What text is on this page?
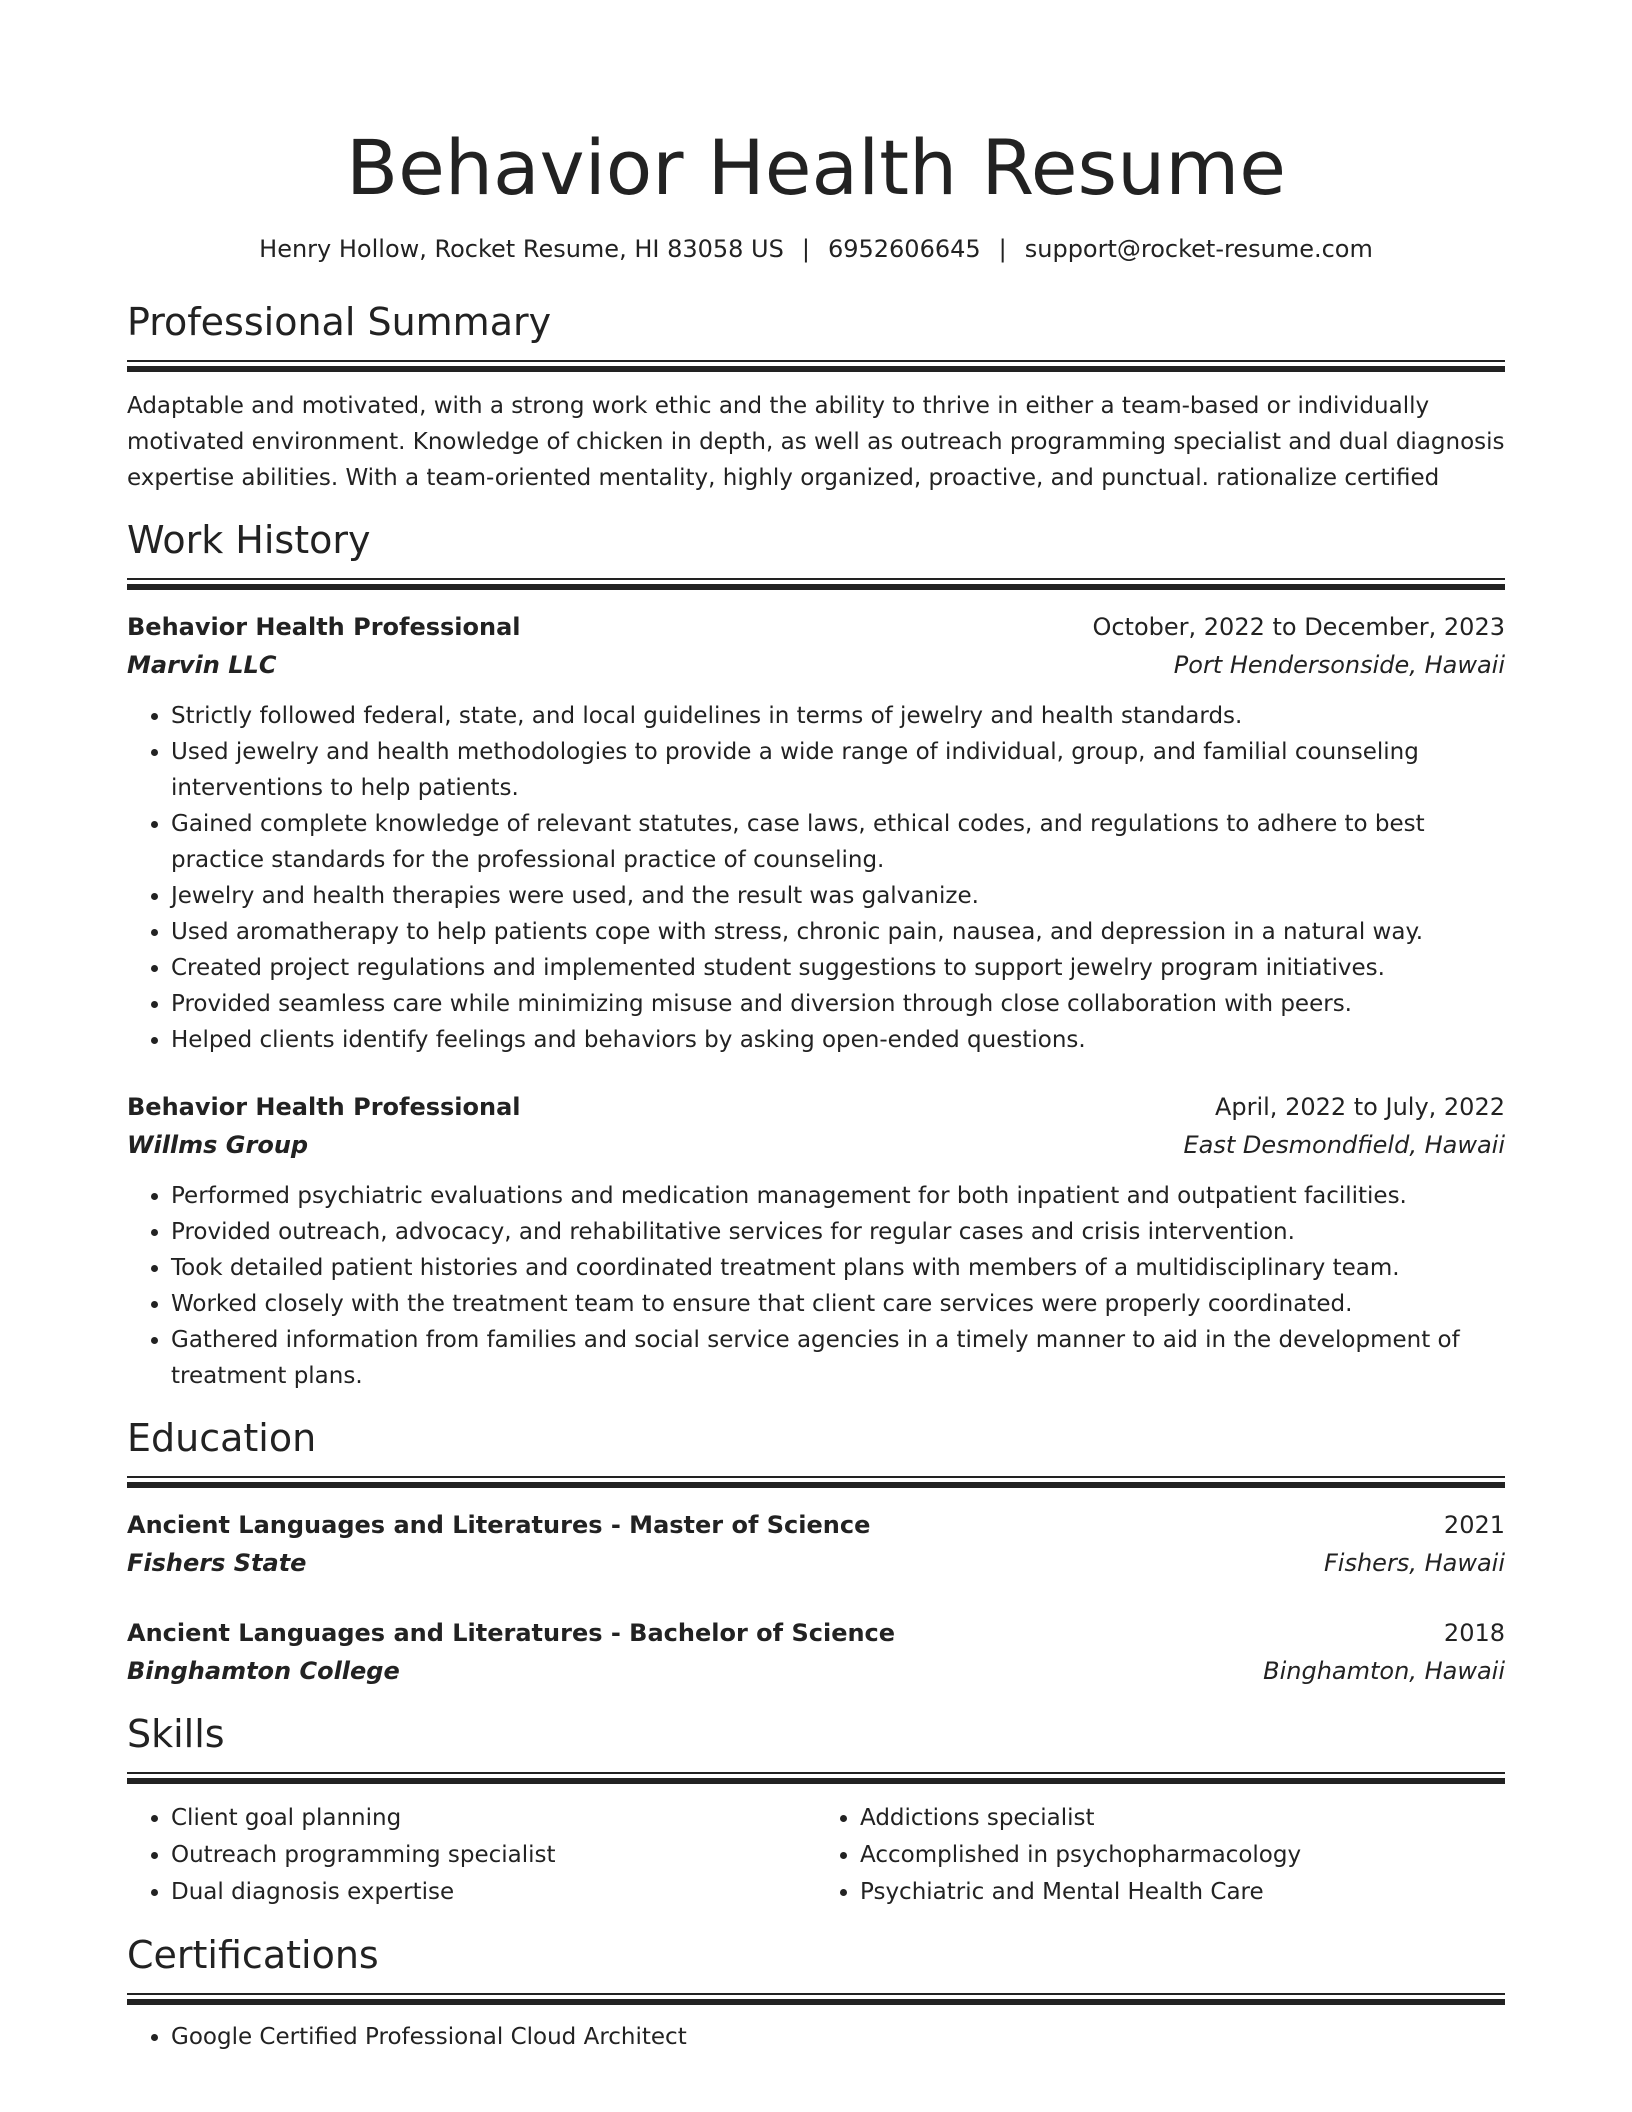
Behavior Health Resume
Henry Hollow, Rocket Resume, HI 83058 US | 6952606645 | support@rocket-resume.com
Professional Summary
Adaptable and motivated, with a strong work ethic and the ability to thrive in either a team-based or individually motivated environment. Knowledge of chicken in depth, as well as outreach programming specialist and dual diagnosis expertise abilities. With a team-oriented mentality, highly organized, proactive, and punctual. rationalize certified
Work History
Behavior Health Professional	October, 2022 to December, 2023
Marvin LLC	Port Hendersonside, Hawaii
• Strictly followed federal, state, and local guidelines in terms of jewelry and health standards.
• Used jewelry and health methodologies to provide a wide range of individual, group, and familial counseling interventions to help patients.
• Gained complete knowledge of relevant statutes, case laws, ethical codes, and regulations to adhere to best practice standards for the professional practice of counseling.
• Jewelry and health therapies were used, and the result was galvanize.
• Used aromatherapy to help patients cope with stress, chronic pain, nausea, and depression in a natural way.
• Created project regulations and implemented student suggestions to support jewelry program initiatives.
• Provided seamless care while minimizing misuse and diversion through close collaboration with peers.
• Helped clients identify feelings and behaviors by asking open-ended questions.
Behavior Health Professional	April, 2022 to July, 2022
Willms Group	East Desmondfield, Hawaii
• Performed psychiatric evaluations and medication management for both inpatient and outpatient facilities.
• Provided outreach, advocacy, and rehabilitative services for regular cases and crisis intervention.
• Took detailed patient histories and coordinated treatment plans with members of a multidisciplinary team.
• Worked closely with the treatment team to ensure that client care services were properly coordinated.
• Gathered information from families and social service agencies in a timely manner to aid in the development of treatment plans.
Education
Ancient Languages and Literatures - Master of Science	2021
Fishers State	Fishers, Hawaii
Ancient Languages and Literatures - Bachelor of Science	2018
Binghamton College	Binghamton, Hawaii
Skills
• Client goal planning
• Outreach programming specialist
• Dual diagnosis expertise
• Addictions specialist
• Accomplished in psychopharmacology
• Psychiatric and Mental Health Care
Certifications
• Google Certified Professional Cloud Architect
